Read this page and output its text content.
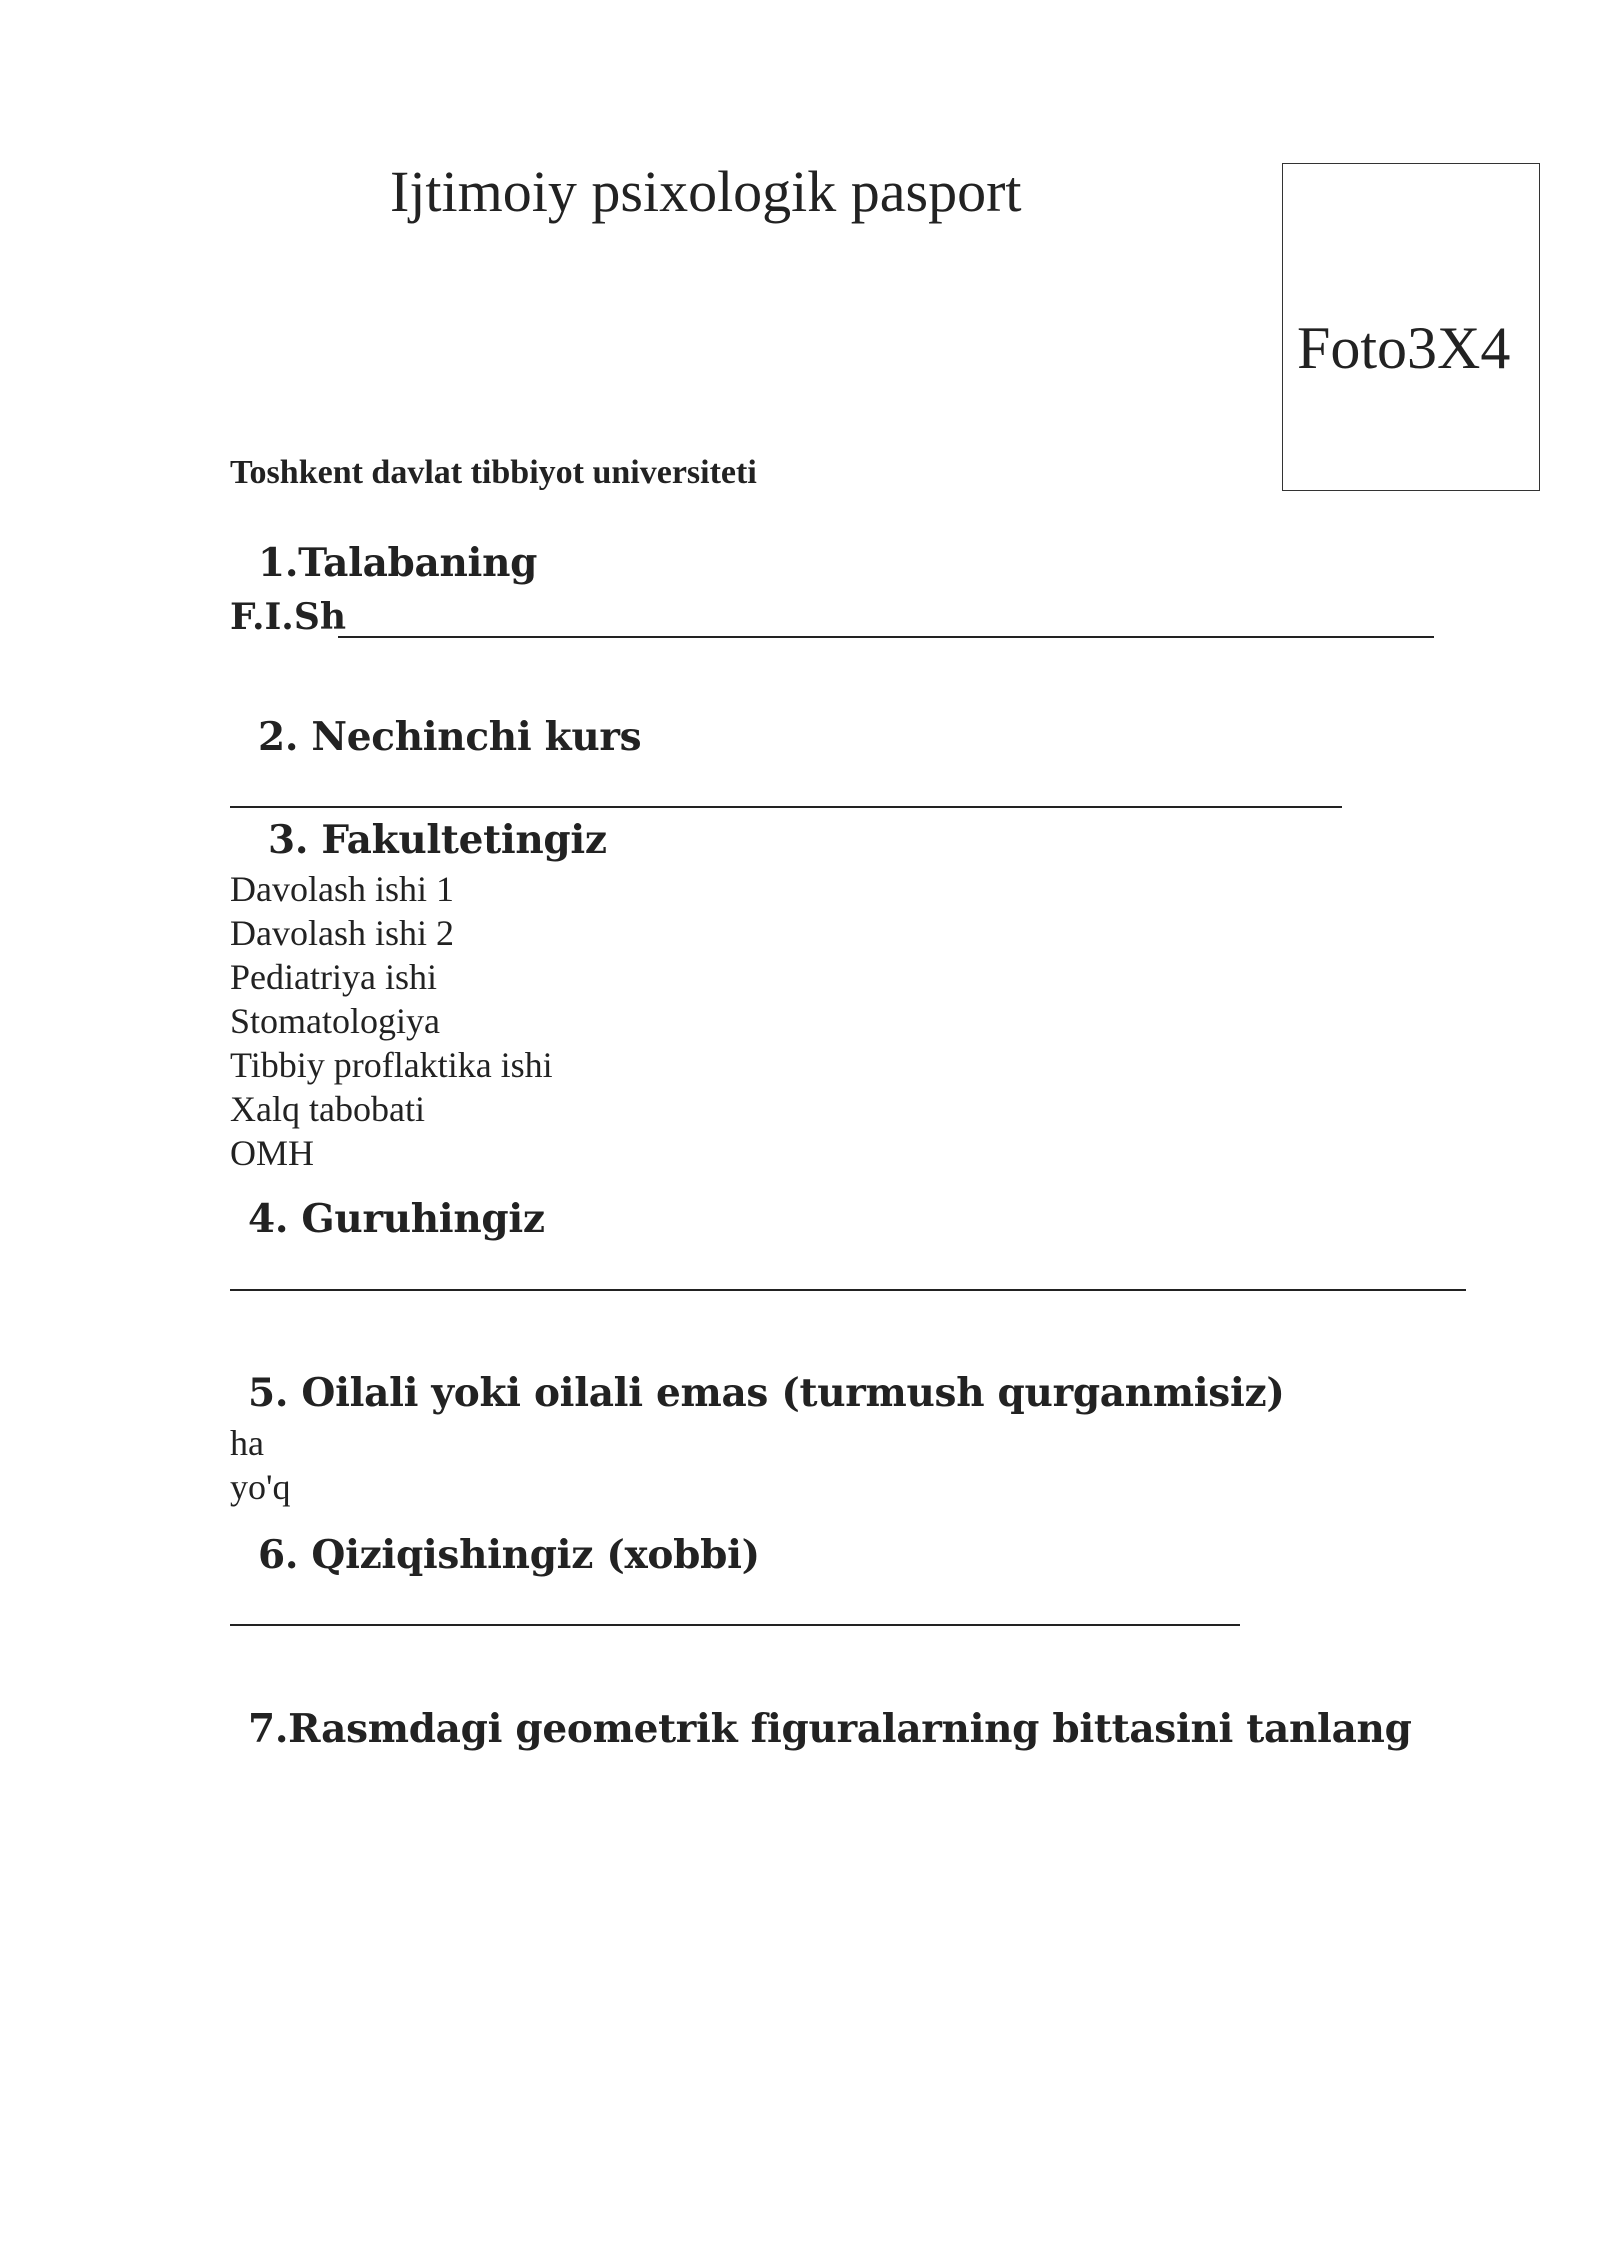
Ijtimoiy psixologik pasport
Foto3X4
Toshkent davlat tibbiyot universiteti
1.Talabaning
F.I.Sh
2. Nechinchi kurs
3. Fakultetingiz
Davolash ishi 1
Davolash ishi 2
Pediatriya ishi
Stomatologiya
Tibbiy proflaktika ishi
Xalq tabobati
OMH
4. Guruhingiz
5. Oilali yoki oilali emas (turmush qurganmisiz)
ha
yo'q
6. Qiziqishingiz (xobbi)
7.Rasmdagi geometrik figuralarning bittasini tanlang
